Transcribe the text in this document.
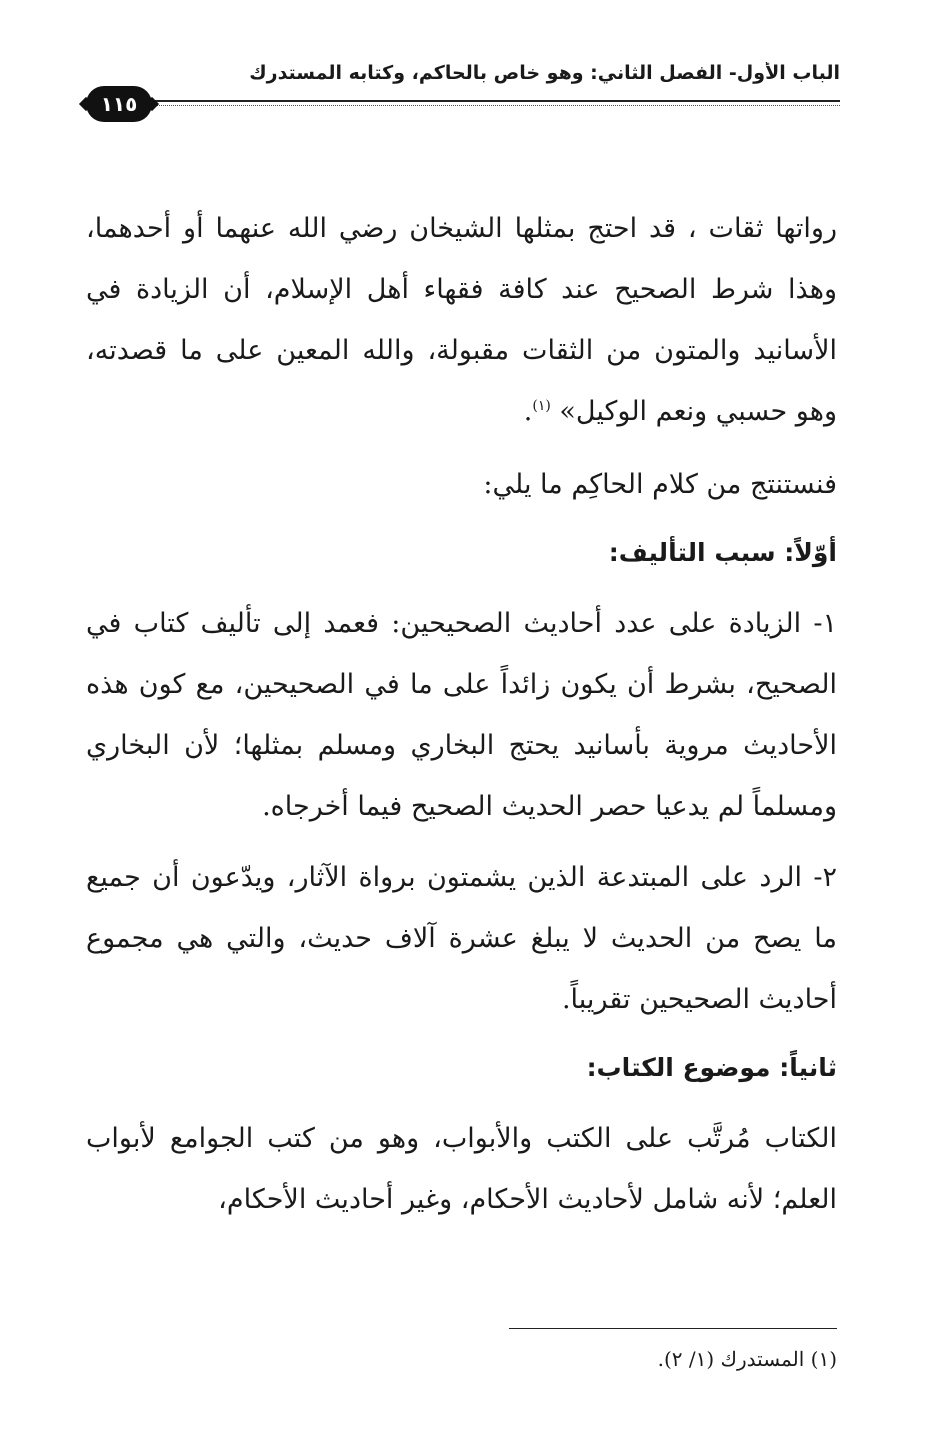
الباب الأول- الفصل الثاني: وهو خاص بالحاكم، وكتابه المستدرك
١١٥

رواتها ثقات ، قد احتج بمثلها الشيخان رضي الله عنهما أو أحدهما، وهذا شرط الصحيح عند كافة فقهاء أهل الإسلام، أن الزيادة في الأسانيد والمتون من الثقات مقبولة، والله المعين على ما قصدته، وهو حسبي ونعم الوكيل» $^{(١)}$.

فنستنتج من كلام الحاكِم ما يلي:

أوّلاً: سبب التأليف:

١- الزيادة على عدد أحاديث الصحيحين: فعمد إلى تأليف كتاب في الصحيح، بشرط أن يكون زائداً على ما في الصحيحين، مع كون هذه الأحاديث مروية بأسانيد يحتج البخاري ومسلم بمثلها؛ لأن البخاري ومسلماً لم يدعيا حصر الحديث الصحيح فيما أخرجاه.

٢- الرد على المبتدعة الذين يشمتون برواة الآثار، ويدّعون أن جميع ما يصح من الحديث لا يبلغ عشرة آلاف حديث، والتي هي مجموع أحاديث الصحيحين تقريباً.

ثانياً: موضوع الكتاب:

الكتاب مُرتَّب على الكتب والأبواب، وهو من كتب الجوامع لأبواب العلم؛ لأنه شامل لأحاديث الأحكام، وغير أحاديث الأحكام،

(١) المستدرك (١/ ٢).
